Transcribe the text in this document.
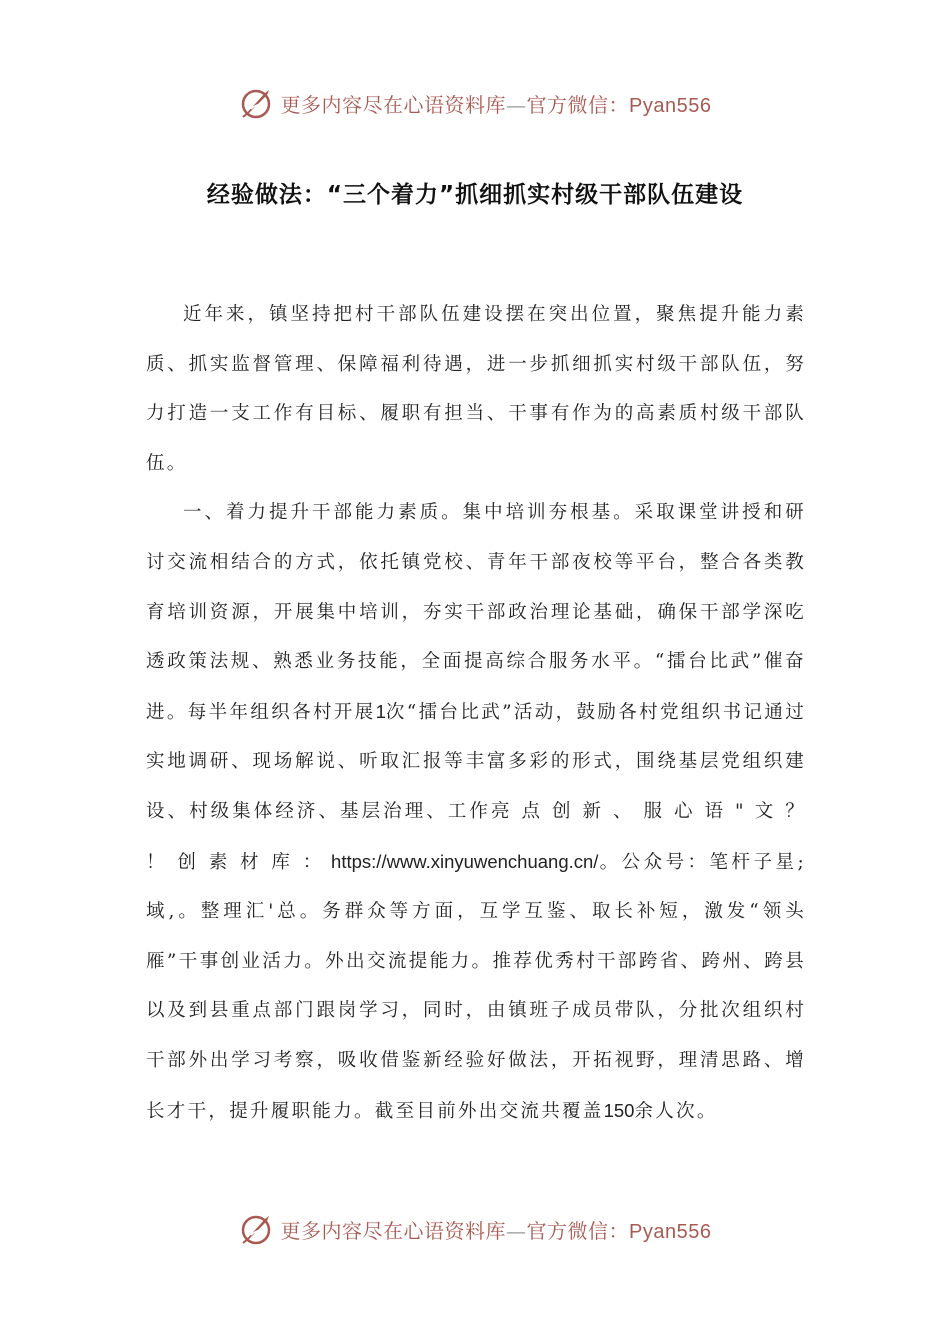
更多内容尽在心语资料库—官方微信：Pyan556
经验做法：“三个着力”抓细抓实村级干部队伍建设

近年来，镇坚持把村干部队伍建设摆在突出位置，聚焦提升能力素质、抓实监督管理、保障福利待遇，进一步抓细抓实村级干部队伍，努力打造一支工作有目标、履职有担当、干事有作为的高素质村级干部队伍。

一、着力提升干部能力素质。集中培训夯根基。采取课堂讲授和研讨交流相结合的方式，依托镇党校、青年干部夜校等平台，整合各类教育培训资源，开展集中培训，夯实干部政治理论基础，确保干部学深吃透政策法规、熟悉业务技能，全面提高综合服务水平。“擂台比武”催奋进。每半年组织各村开展1次“擂台比武”活动，鼓励各村党组织书记通过实地调研、现场解说、听取汇报等丰富多彩的形式，围绕基层党组织建设、村级集体经济、基层治理、工作亮 点 创 新 、 服 心 语 " 文 ？ ！ 创 素 材 库 ： https://www.xinyuwenchuang.cn/。公众号：笔杆子星;域,。整理汇'总。务群众等方面，互学互鉴、取长补短，激发“领头雁”干事创业活力。外出交流提能力。推荐优秀村干部跨省、跨州、跨县以及到县重点部门跟岗学习，同时，由镇班子成员带队，分批次组织村干部外出学习考察，吸收借鉴新经验好做法，开拓视野，理清思路、增长才干，提升履职能力。截至目前外出交流共覆盖150余人次。

更多内容尽在心语资料库—官方微信：Pyan556
